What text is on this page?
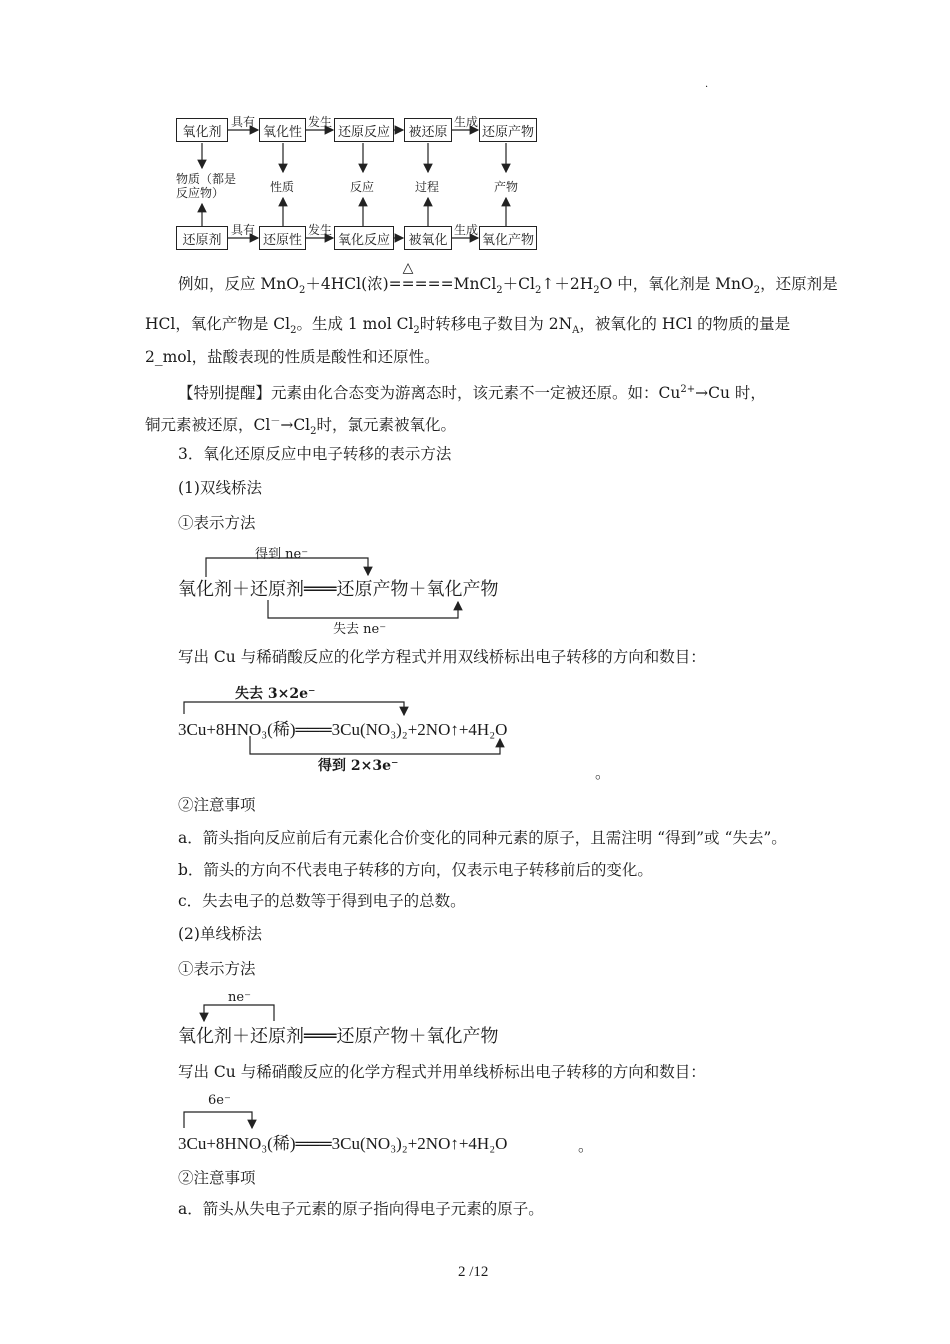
·
氧化剂	氧化性	还原反应	被还原	还原产物
具有	发生	生成
物质（都是
反应物）	性质	反应	过程	产物
还原剂	还原性	氧化反应	被氧化	氧化产物
具有	发生	生成
例如，反应 MnO$_2$＋4HCl(浓)
△
$=====MnCl_2+Cl_2↑+2H_2O$ 中，氧化剂是 MnO$_2$，还原剂是
HCl，氧化产物是 $Cl_2$。生成 1 mol $Cl_2$时转移电子数目为 $2N_A$，被氧化的 HCl 的物质的量是
2_mol，盐酸表现的性质是酸性和还原性。
【特别提醒】元素由化合态变为游离态时，该元素不一定被还原。如：$Cu^{2+}\to Cu$ 时，
铜元素被还原，$Cl^-\to Cl_2$时，氯元素被氧化。
3．氧化还原反应中电子转移的表示方法
(1)双线桥法
①表示方法
得到 ne⁻
氧化剂＋还原剂═══还原产物＋氧化产物
失去 ne⁻
写出 Cu 与稀硝酸反应的化学方程式并用双线桥标出电子转移的方向和数目：
失去 3×2e⁻
3Cu+8HNO₃(稀)═══3Cu(NO₃)₂+2NO↑+4H₂O
得到 2×3e⁻	。
②注意事项
a．箭头指向反应前后有元素化合价变化的同种元素的原子，且需注明 “得到”或 “失去”。
b．箭头的方向不代表电子转移的方向，仅表示电子转移前后的变化。
c．失去电子的总数等于得到电子的总数。
(2)单线桥法
①表示方法
ne⁻
氧化剂＋还原剂═══还原产物＋氧化产物
写出 Cu 与稀硝酸反应的化学方程式并用单线桥标出电子转移的方向和数目：
6e⁻
3Cu+8HNO₃(稀)═══3Cu(NO₃)₂+2NO↑+4H₂O	。
②注意事项
a．箭头从失电子元素的原子指向得电子元素的原子。
2 /12
